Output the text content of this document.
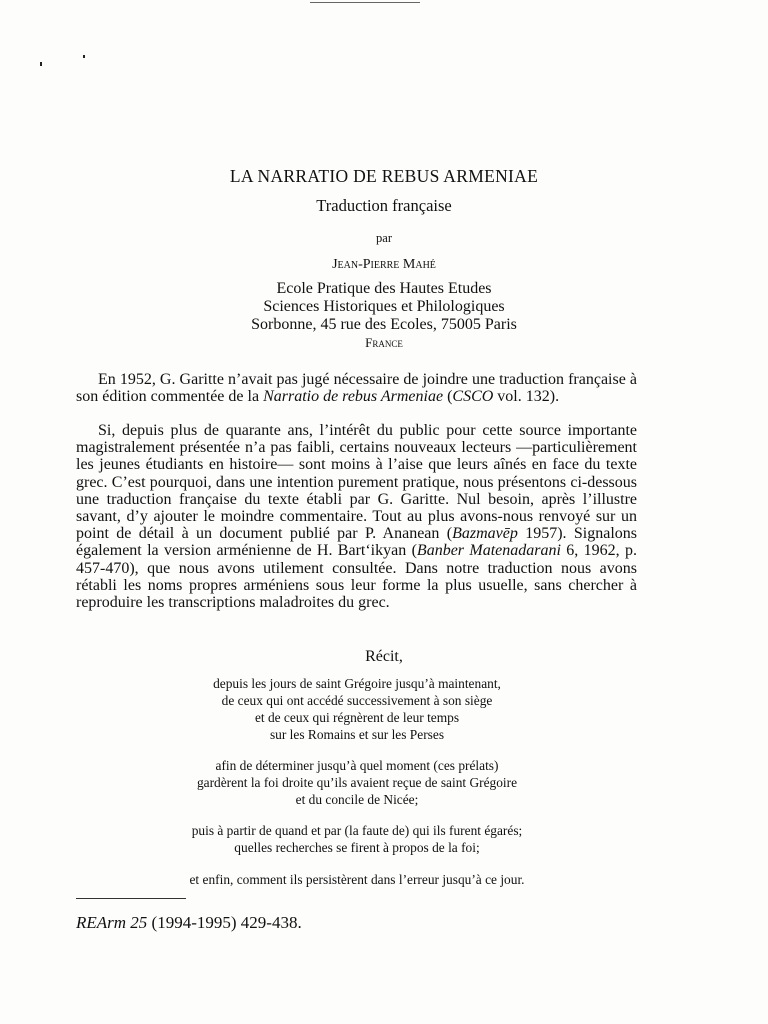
LA NARRATIO DE REBUS ARMENIAE
Traduction française
par
Jean-Pierre Mahé
Ecole Pratique des Hautes Etudes
Sciences Historiques et Philologiques
Sorbonne, 45 rue des Ecoles, 75005 Paris
France
En 1952, G. Garitte n’avait pas jugé nécessaire de joindre une traduction française à son édition commentée de la Narratio de rebus Armeniae (CSCO vol. 132).
Si, depuis plus de quarante ans, l’intérêt du public pour cette source importante magistralement présentée n’a pas faibli, certains nouveaux lecteurs —particulièrement les jeunes étudiants en histoire— sont moins à l’aise que leurs aînés en face du texte grec. C’est pourquoi, dans une intention purement pratique, nous présentons ci-dessous une traduction française du texte établi par G. Garitte. Nul besoin, après l’illustre savant, d’y ajouter le moindre commentaire. Tout au plus avons-nous renvoyé sur un point de détail à un document publié par P. Ananean (Bazmavēp 1957). Signalons également la version arménienne de H. Bart‘ikyan (Banber Matenadarani 6, 1962, p. 457-470), que nous avons utilement consultée. Dans notre traduction nous avons rétabli les noms propres arméniens sous leur forme la plus usuelle, sans chercher à reproduire les transcriptions maladroites du grec.
Récit,
depuis les jours de saint Grégoire jusqu’à maintenant,
de ceux qui ont accédé successivement à son siège
et de ceux qui régnèrent de leur temps
sur les Romains et sur les Perses
afin de déterminer jusqu’à quel moment (ces prélats)
gardèrent la foi droite qu’ils avaient reçue de saint Grégoire
et du concile de Nicée;
puis à partir de quand et par (la faute de) qui ils furent égarés;
quelles recherches se firent à propos de la foi;
et enfin, comment ils persistèrent dans l’erreur jusqu’à ce jour.
REArm 25 (1994-1995) 429-438.
